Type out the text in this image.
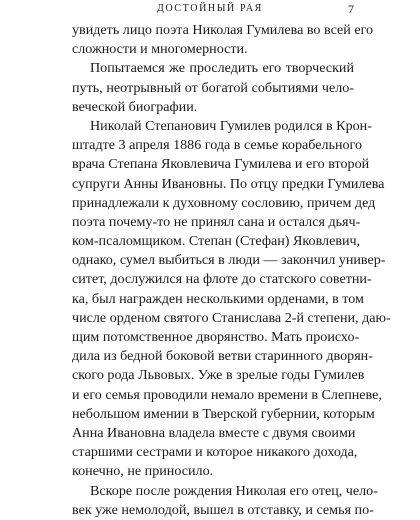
ДОСТОЙНЫЙ РАЯ	7
увидеть лицо поэта Николая Гумилева во всей его
сложности и многомерности.
Попытаемся же проследить его творческий
путь, неотрывный от богатой событиями чело-
веческой биографии.
Николай Степанович Гумилев родился в Крон-
штадте 3 апреля 1886 года в семье корабельного
врача Степана Яковлевича Гумилева и его второй
супруги Анны Ивановны. По отцу предки Гумилева
принадлежали к духовному сословию, причем дед
поэта почему-то не принял сана и остался дьяч-
ком-псаломщиком. Степан (Стефан) Яковлевич,
однако, сумел выбиться в люди — закончил универ-
ситет, дослужился на флоте до статского советни-
ка, был награжден несколькими орденами, в том
числе орденом святого Станислава 2-й степени, даю-
щим потомственное дворянство. Мать происхо-
дила из бедной боковой ветви старинного дворян-
ского рода Львовых. Уже в зрелые годы Гумилев
и его семья проводили немало времени в Слепневе,
небольшом имении в Тверской губернии, которым
Анна Ивановна владела вместе с двумя своими
старшими сестрами и которое никакого дохода,
конечно, не приносило.
Вскоре после рождения Николая его отец, чело-
век уже немолодой, вышел в отставку, и семья по-
